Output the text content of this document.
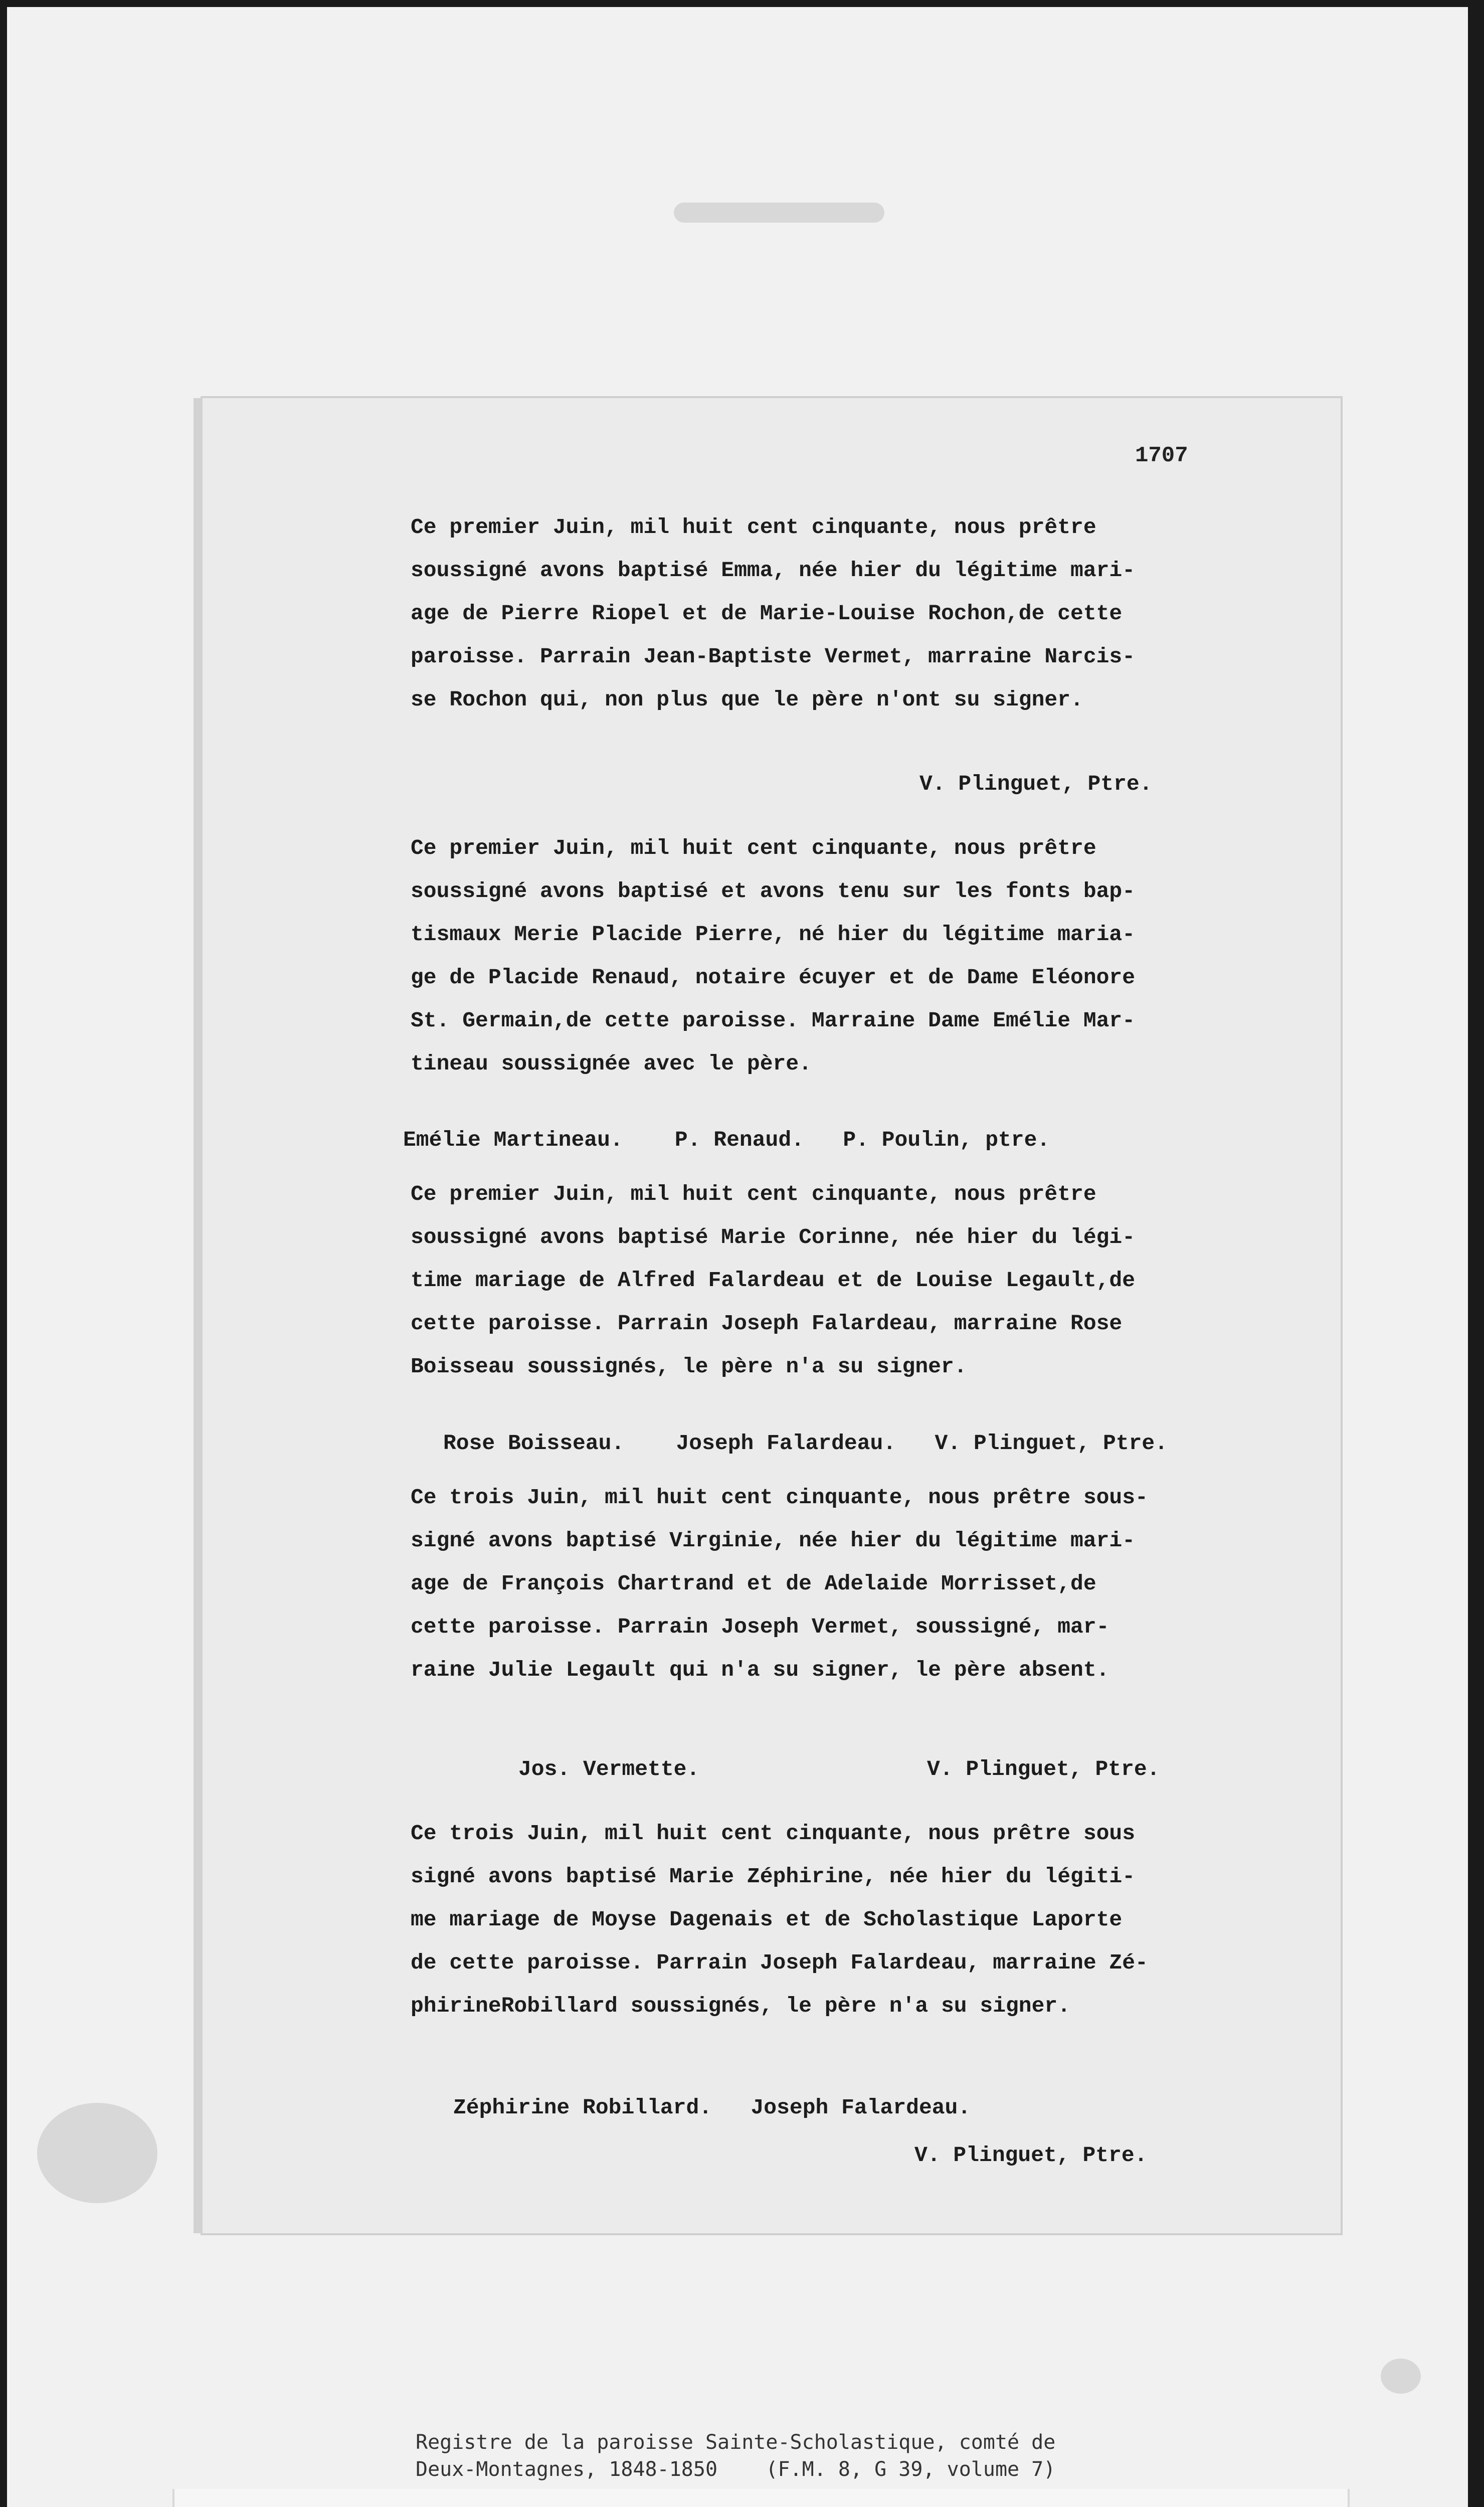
1707
Ce premier Juin, mil huit cent cinquante, nous prêtre
soussigné avons baptisé Emma, née hier du légitime mari-
age de Pierre Riopel et de Marie-Louise Rochon,de cette
paroisse. Parrain Jean-Baptiste Vermet, marraine Narcis-
se Rochon qui, non plus que le père n'ont su signer.
V. Plinguet, Ptre.
Ce premier Juin, mil huit cent cinquante, nous prêtre
soussigné avons baptisé et avons tenu sur les fonts bap-
tismaux Merie Placide Pierre, né hier du légitime maria-
ge de Placide Renaud, notaire écuyer et de Dame Eléonore
St. Germain,de cette paroisse. Marraine Dame Emélie Mar-
tineau soussignée avec le père.
Emélie Martineau.    P. Renaud.   P. Poulin, ptre.
Ce premier Juin, mil huit cent cinquante, nous prêtre
soussigné avons baptisé Marie Corinne, née hier du légi-
time mariage de Alfred Falardeau et de Louise Legault,de
cette paroisse. Parrain Joseph Falardeau, marraine Rose
Boisseau soussignés, le père n'a su signer.
Rose Boisseau.    Joseph Falardeau.   V. Plinguet, Ptre.
Ce trois Juin, mil huit cent cinquante, nous prêtre sous-
signé avons baptisé Virginie, née hier du légitime mari-
age de François Chartrand et de Adelaide Morrisset,de
cette paroisse. Parrain Joseph Vermet, soussigné, mar-
raine Julie Legault qui n'a su signer, le père absent.
Jos. Vermette.	V. Plinguet, Ptre.
Ce trois Juin, mil huit cent cinquante, nous prêtre sous
signé avons baptisé Marie Zéphirine, née hier du légiti-
me mariage de Moyse Dagenais et de Scholastique Laporte
de cette paroisse. Parrain Joseph Falardeau, marraine Zé-
phirineRobillard soussignés, le père n'a su signer.
Zéphirine Robillard.   Joseph Falardeau.
V. Plinguet, Ptre.
Registre de la paroisse Sainte-Scholastique, comté de
Deux-Montagnes, 1848-1850    (F.M. 8, G 39, volume 7)
